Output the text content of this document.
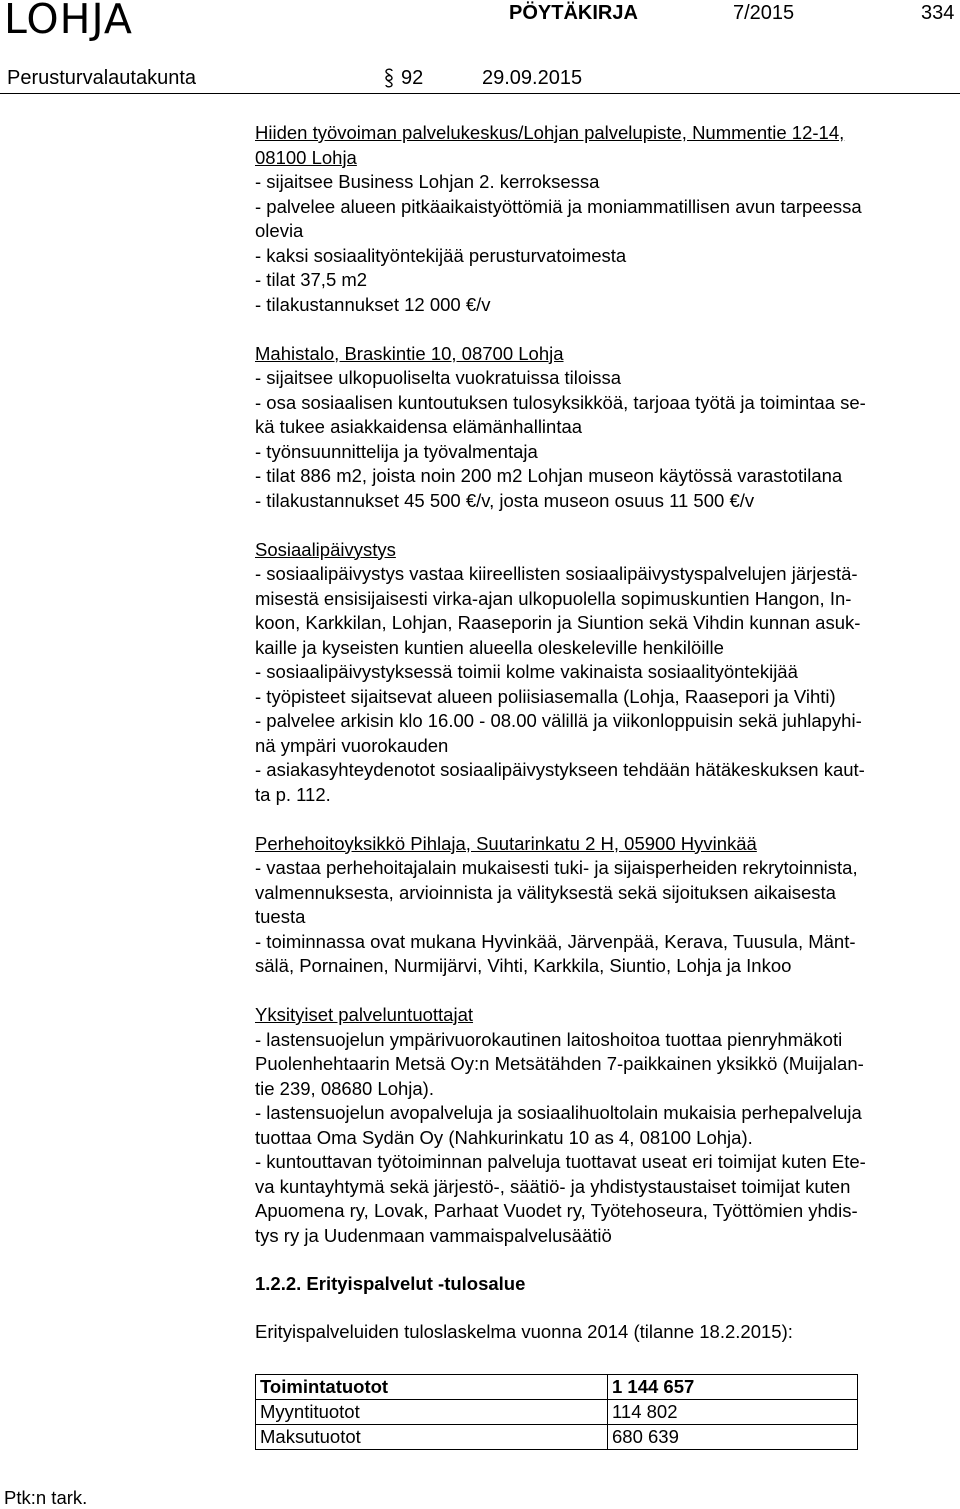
LOHJA	PÖYTÄKIRJA	7/2015	334
Perusturvalautakunta	92	29.09.2015

Hiiden työvoiman palvelukeskus/Lohjan palvelupiste, Nummentie 12-14,

08100 Lohja

- sijaitsee Business Lohjan 2. kerroksessa

- palvelee alueen pitkäaikaistyöttömiä ja moniammatillisen avun tarpeessa

olevia

- kaksi sosiaalityöntekijää perusturvatoimesta

- tilat 37,5 m2

- tilakustannukset 12 000 €/v

Mahistalo, Braskintie 10, 08700 Lohja

- sijaitsee ulkopuoliselta vuokratuissa tiloissa

- osa sosiaalisen kuntoutuksen tulosyksikköä, tarjoaa työtä ja toimintaa se-

kä tukee asiakkaidensa elämänhallintaa

- työnsuunnittelija ja työvalmentaja

- tilat 886 m2, joista noin 200 m2 Lohjan museon käytössä varastotilana

- tilakustannukset 45 500 €/v, josta museon osuus 11 500 €/v

Sosiaalipäivystys

- sosiaalipäivystys vastaa kiireellisten sosiaalipäivystyspalvelujen järjestä-

misestä ensisijaisesti virka-ajan ulkopuolella sopimuskuntien Hangon, In-

koon, Karkkilan, Lohjan, Raaseporin ja Siuntion sekä Vihdin kunnan asuk-

kaille ja kyseisten kuntien alueella oleskeleville henkilöille

- sosiaalipäivystyksessä toimii kolme vakinaista sosiaalityöntekijää

- työpisteet sijaitsevat alueen poliisiasemalla (Lohja, Raasepori ja Vihti)

- palvelee arkisin klo 16.00 - 08.00 välillä ja viikonloppuisin sekä juhlapyhi-

nä ympäri vuorokauden

- asiakasyhteydenotot sosiaalipäivystykseen tehdään hätäkeskuksen kaut-

ta p. 112.

Perhehoitoyksikkö Pihlaja, Suutarinkatu 2 H, 05900 Hyvinkää

- vastaa perhehoitajalain mukaisesti tuki- ja sijaisperheiden rekrytoinnista,

valmennuksesta, arvioinnista ja välityksestä sekä sijoituksen aikaisesta

tuesta

- toiminnassa ovat mukana Hyvinkää, Järvenpää, Kerava, Tuusula, Mänt-

sälä, Pornainen, Nurmijärvi, Vihti, Karkkila, Siuntio, Lohja ja Inkoo

Yksityiset palveluntuottajat

- lastensuojelun ympärivuorokautinen laitoshoitoa tuottaa pienryhmäkoti

Puolenhehtaarin Metsä Oy:n Metsätähden 7-paikkainen yksikkö (Muijalan-

tie 239, 08680 Lohja).

- lastensuojelun avopalveluja ja sosiaalihuoltolain mukaisia perhepalveluja

tuottaa Oma Sydän Oy (Nahkurinkatu 10 as 4, 08100 Lohja).

- kuntouttavan työtoiminnan palveluja tuottavat useat eri toimijat kuten Ete-

va kuntayhtymä sekä järjestö-, säätiö- ja yhdistystaustaiset toimijat kuten

Apuomena ry, Lovak, Parhaat Vuodet ry, Työtehoseura, Työttömien yhdis-

tys ry ja Uudenmaan vammaispalvelusäätiö

1.2.2. Erityispalvelut -tulosalue

Erityispalveluiden tuloslaskelma vuonna 2014 (tilanne 18.2.2015):

Toimintatuotot	1 144 657
Myyntituotot	114 802
Maksutuotot	680 639
Ptk:n tark.
